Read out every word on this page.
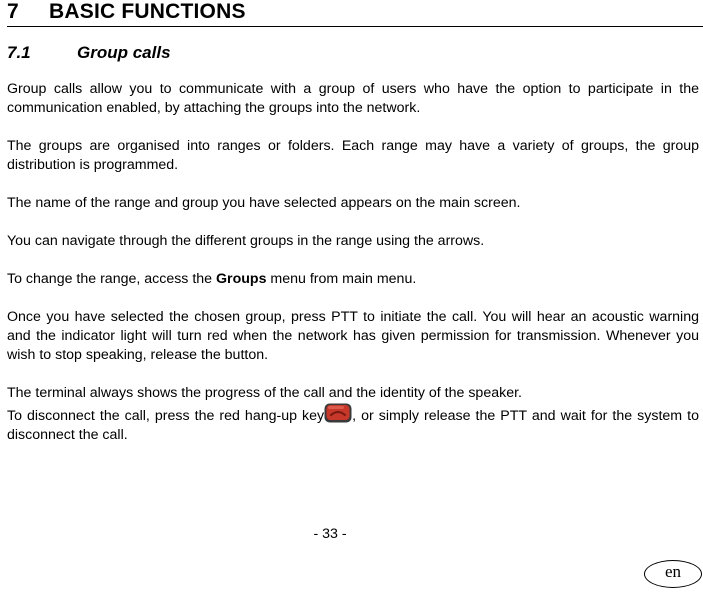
7 BASIC FUNCTIONS
7.1	Group calls

Group calls allow you to communicate with a group of users who have the option to participate in the communication enabled, by attaching the groups into the network.

The groups are organised into ranges or folders. Each range may have a variety of groups, the group distribution is programmed.

The name of the range and group you have selected appears on the main screen.

You can navigate through the different groups in the range using the arrows.

To change the range, access the Groups menu from main menu.

Once you have selected the chosen group, press PTT to initiate the call. You will hear an acoustic warning and the indicator light will turn red when the network has given permission for transmission. Whenever you wish to stop speaking, release the button.

The terminal always shows the progress of the call and the identity of the speaker.

To disconnect the call, press the red hang-up key , or simply release the PTT and wait for the system to disconnect the call.

- 33 -
en
